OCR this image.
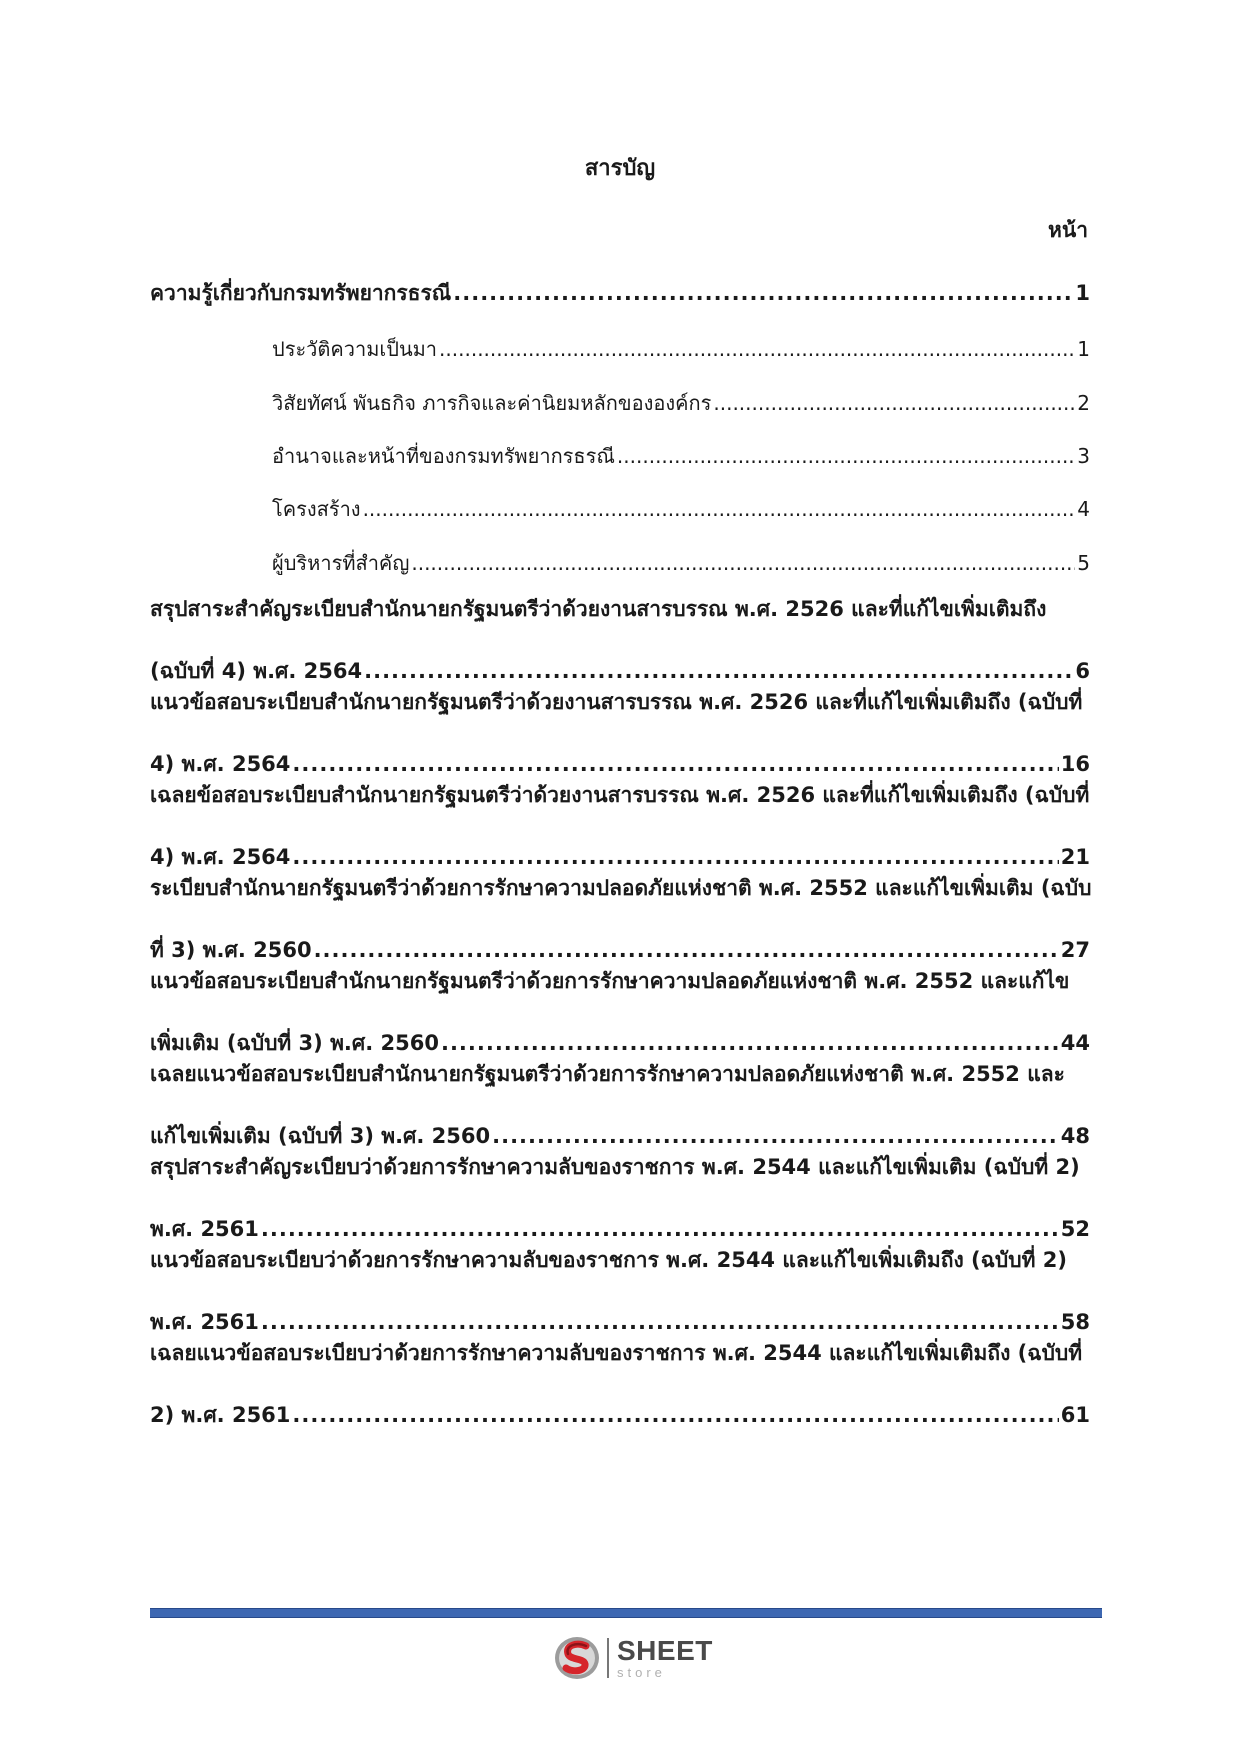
สารบัญ
หน้า
ความรู้เกี่ยวกับกรมทรัพยากรธรณี .....	1
ประวัติความเป็นมา .....	1
วิสัยทัศน์ พันธกิจ ภารกิจและค่านิยมหลักขององค์กร .....	2
อำนาจและหน้าที่ของกรมทรัพยากรธรณี .....	3
โครงสร้าง .....	4
ผู้บริหารที่สำคัญ .....	5
สรุปสาระสำคัญระเบียบสำนักนายกรัฐมนตรีว่าด้วยงานสารบรรณ พ.ศ. 2526 และที่แก้ไขเพิ่มเติมถึง
(ฉบับที่ 4) พ.ศ. 2564 .....	6
แนวข้อสอบระเบียบสำนักนายกรัฐมนตรีว่าด้วยงานสารบรรณ พ.ศ. 2526 และที่แก้ไขเพิ่มเติมถึง (ฉบับที่
4) พ.ศ. 2564 .....	16
เฉลยข้อสอบระเบียบสำนักนายกรัฐมนตรีว่าด้วยงานสารบรรณ พ.ศ. 2526 และที่แก้ไขเพิ่มเติมถึง (ฉบับที่
4) พ.ศ. 2564 .....	21
ระเบียบสำนักนายกรัฐมนตรีว่าด้วยการรักษาความปลอดภัยแห่งชาติ พ.ศ. 2552 และแก้ไขเพิ่มเติม (ฉบับ
ที่ 3) พ.ศ. 2560 .....	27
แนวข้อสอบระเบียบสำนักนายกรัฐมนตรีว่าด้วยการรักษาความปลอดภัยแห่งชาติ พ.ศ. 2552 และแก้ไข
เพิ่มเติม (ฉบับที่ 3) พ.ศ. 2560 .....	44
เฉลยแนวข้อสอบระเบียบสำนักนายกรัฐมนตรีว่าด้วยการรักษาความปลอดภัยแห่งชาติ พ.ศ. 2552 และ
แก้ไขเพิ่มเติม (ฉบับที่ 3) พ.ศ. 2560 .....	48
สรุปสาระสำคัญระเบียบว่าด้วยการรักษาความลับของราชการ พ.ศ. 2544 และแก้ไขเพิ่มเติม (ฉบับที่ 2)
พ.ศ. 2561 .....	52
แนวข้อสอบระเบียบว่าด้วยการรักษาความลับของราชการ พ.ศ. 2544 และแก้ไขเพิ่มเติมถึง (ฉบับที่ 2)
พ.ศ. 2561 .....	58
เฉลยแนวข้อสอบระเบียบว่าด้วยการรักษาความลับของราชการ พ.ศ. 2544 และแก้ไขเพิ่มเติมถึง (ฉบับที่
2) พ.ศ. 2561 .....	61
SHEET
store
